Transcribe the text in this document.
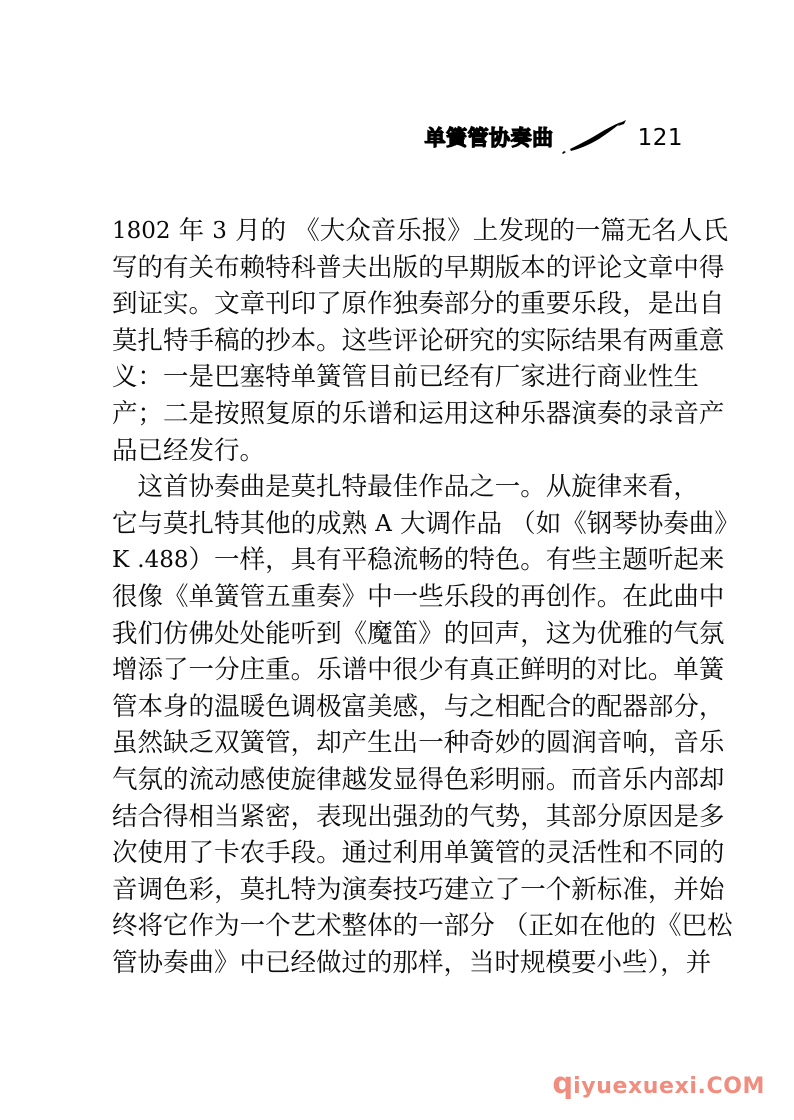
单簧管协奏曲	121
1 8 0 2
年
3
月 的
《 大 众 音 乐 报 》 上 发 现 的 一 篇 无 名 人 氏
写 的 有 关 布 赖 特 科 普 夫 出 版 的 早 期 版 本 的 评 论 文 章 中 得
到 证 实 。 文 章 刊 印 了 原 作 独 奏 部 分 的 重 要 乐 段 ， 是 出 自
莫 扎 特 手 稿 的 抄 本 。 这 些 评 论 研 究 的 实 际 结 果 有 两 重 意
义 ： 一 是 巴 塞 特 单 簧 管 目 前 已 经 有 厂 家 进 行 商 业 性 生
产 ； 二 是 按 照 复 原 的 乐 谱 和 运 用 这 种 乐 器 演 奏 的 录 音 产
品已经发行。

这 首 协 奏 曲 是 莫 扎 特 最 佳 作 品 之 一 。 从 旋 律 来 看 ，
它 与 莫 扎 特 其 他 的 成 熟
A
大 调 作 品
（ 如 《 钢 琴 协 奏 曲 》
K
. 4 8 8 ） 一 样 ， 具 有 平 稳 流 畅 的 特 色 。 有 些 主 题 听 起 来
很 像 《 单 簧 管 五 重 奏 》 中 一 些 乐 段 的 再 创 作 。 在 此 曲 中
我 们 仿 佛 处 处 能 听 到 《 魔 笛 》 的 回 声 ， 这 为 优 雅 的 气 氛
增 添 了 一 分 庄 重 。 乐 谱 中 很 少 有 真 正 鲜 明 的 对 比 。 单 簧
管 本 身 的 温 暖 色 调 极 富 美 感 ， 与 之 相 配 合 的 配 器 部 分 ，
虽 然 缺 乏 双 簧 管 ， 却 产 生 出 一 种 奇 妙 的 圆 润 音 响 ， 音 乐
气 氛 的 流 动 感 使 旋 律 越 发 显 得 色 彩 明 丽 。 而 音 乐 内 部 却
结 合 得 相 当 紧 密 ， 表 现 出 强 劲 的 气 势 ， 其 部 分 原 因 是 多
次 使 用 了 卡 农 手 段 。 通 过 利 用 单 簧 管 的 灵 活 性 和 不 同 的
音 调 色 彩 ， 莫 扎 特 为 演 奏 技 巧 建 立 了 一 个 新 标 准 ， 并 始
终 将 它 作 为 一 个 艺 术 整 体 的 一 部 分
（ 正 如 在 他 的 《 巴 松
管协奏曲》中已经做过的那样，当时规模要小些），并
q iyuexuexi.COM
